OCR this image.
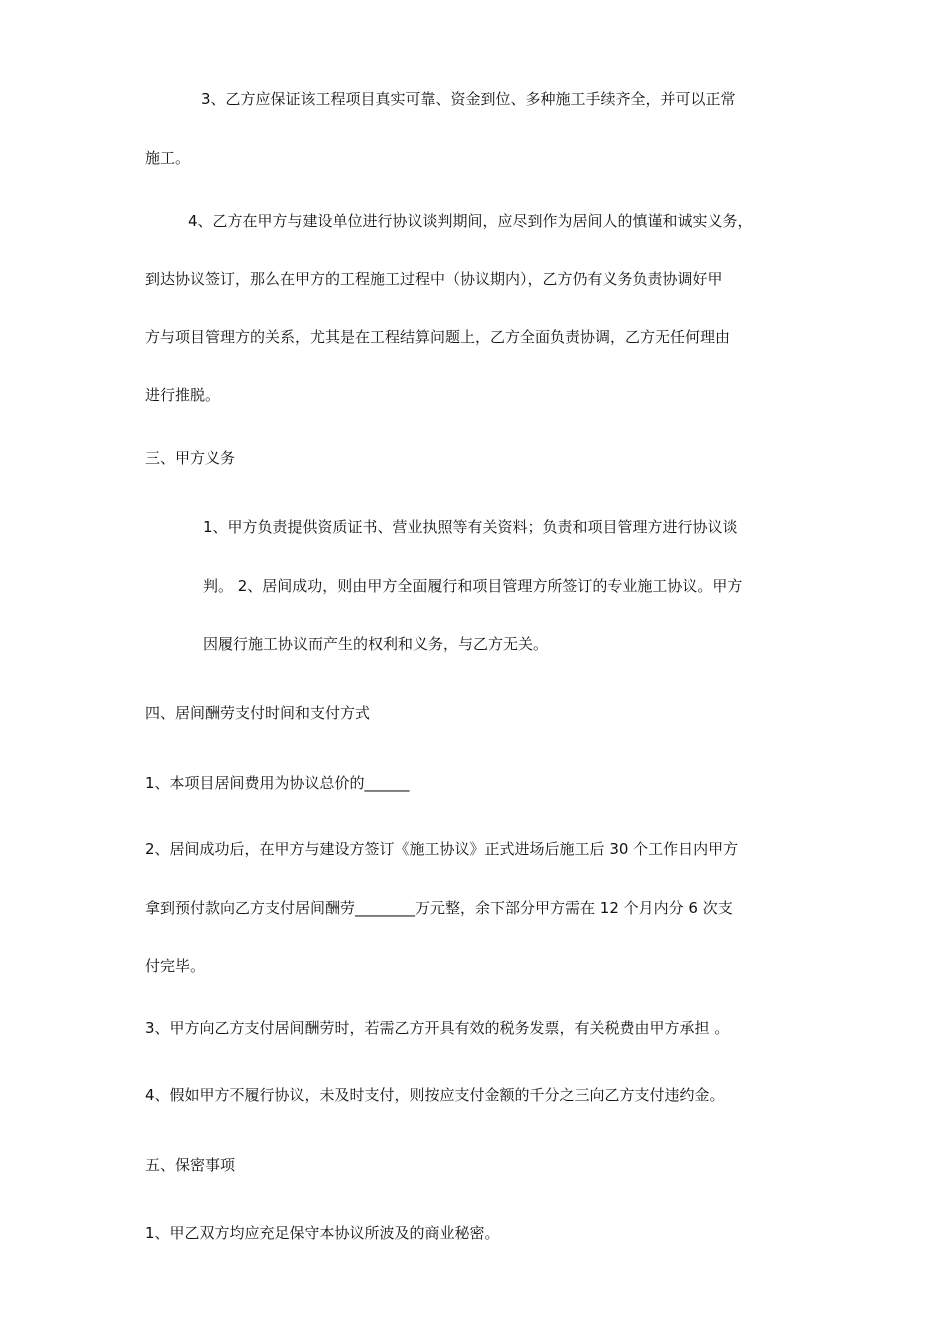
3、乙方应保证该工程项目真实可靠、资金到位、多种施工手续齐全，并可以正常
施工。
4、乙方在甲方与建设单位进行协议谈判期间，应尽到作为居间人的慎谨和诚实义务，
到达协议签订，那么在甲方的工程施工过程中（协议期内），乙方仍有义务负责协调好甲
方与项目管理方的关系，尤其是在工程结算问题上，乙方全面负责协调，乙方无任何理由
进行推脱。
三、甲方义务
1、甲方负责提供资质证书、营业执照等有关资料；负责和项目管理方进行协议谈
判。 2、居间成功，则由甲方全面履行和项目管理方所签订的专业施工协议。甲方
因履行施工协议而产生的权利和义务，与乙方无关。
四、居间酬劳支付时间和支付方式
1、本项目居间费用为协议总价的______
2、居间成功后，在甲方与建设方签订《施工协议》正式进场后施工后 30 个工作日内甲方
拿到预付款向乙方支付居间酬劳________万元整，余下部分甲方需在 12 个月内分 6 次支
付完毕。
3、甲方向乙方支付居间酬劳时，若需乙方开具有效的税务发票，有关税费由甲方承担 。
4、假如甲方不履行协议，未及时支付，则按应支付金额的千分之三向乙方支付违约金。
五、保密事项
1、甲乙双方均应充足保守本协议所波及的商业秘密。
